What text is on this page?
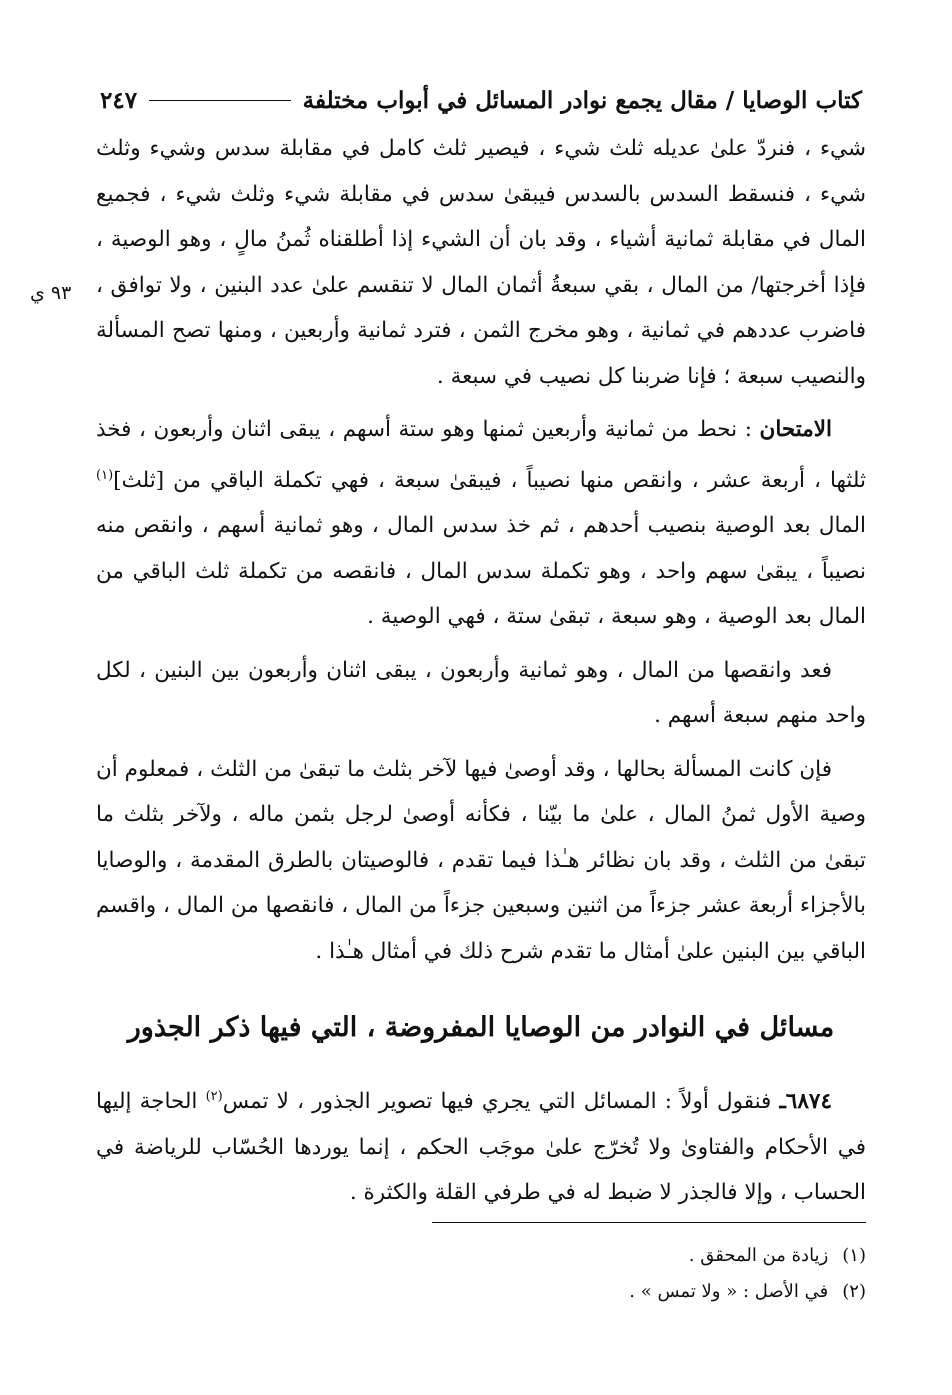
كتاب الوصايا / مقال يجمع نوادر المسائل في أبواب مختلفة
٢٤٧
٩٣ ي

شيء ، فنردّ علىٰ عديله ثلث شيء ، فيصير ثلث كامل في مقابلة سدس وشيء وثلث شيء ، فنسقط السدس بالسدس فيبقىٰ سدس في مقابلة شيء وثلث شيء ، فجميع المال في مقابلة ثمانية أشياء ، وقد بان أن الشيء إذا أطلقناه ثُمنُ مالٍ ، وهو الوصية ، فإذا أخرجتها/ من المال ، بقي سبعةُ أثمان المال لا تنقسم علىٰ عدد البنين ، ولا توافق ، فاضرب عددهم في ثمانية ، وهو مخرج الثمن ، فترد ثمانية وأربعين ، ومنها تصح المسألة والنصيب سبعة ؛ فإنا ضربنا كل نصيب في سبعة .

الامتحان : نحط من ثمانية وأربعين ثمنها وهو ستة أسهم ، يبقى اثنان وأربعون ، فخذ ثلثها ، أربعة عشر ، وانقص منها نصيباً ، فيبقىٰ سبعة ، فهي تكملة الباقي من [ثلث]$^{(١)}$ المال بعد الوصية بنصيب أحدهم ، ثم خذ سدس المال ، وهو ثمانية أسهم ، وانقص منه نصيباً ، يبقىٰ سهم واحد ، وهو تكملة سدس المال ، فانقصه من تكملة ثلث الباقي من المال بعد الوصية ، وهو سبعة ، تبقىٰ ستة ، فهي الوصية .

فعد وانقصها من المال ، وهو ثمانية وأربعون ، يبقى اثنان وأربعون بين البنين ، لكل واحد منهم سبعة أسهم .

فإن كانت المسألة بحالها ، وقد أوصىٰ فيها لآخر بثلث ما تبقىٰ من الثلث ، فمعلوم أن وصية الأول ثمنُ المال ، علىٰ ما بيّنا ، فكأنه أوصىٰ لرجل بثمن ماله ، ولآخر بثلث ما تبقىٰ من الثلث ، وقد بان نظائر هـٰذا فيما تقدم ، فالوصيتان بالطرق المقدمة ، والوصايا بالأجزاء أربعة عشر جزءاً من اثنين وسبعين جزءاً من المال ، فانقصها من المال ، واقسم الباقي بين البنين علىٰ أمثال ما تقدم شرح ذلك في أمثال هـٰذا .

مسائل في النوادر من الوصايا المفروضة ، التي فيها ذكر الجذور

٦٨٧٤ـ فنقول أولاً : المسائل التي يجري فيها تصوير الجذور ، لا تمس$^{(٢)}$ الحاجة إليها في الأحكام والفتاوىٰ ولا تُخرّج علىٰ موجَب الحكم ، إنما يوردها الحُسّاب للرياضة في الحساب ، وإلا فالجذر لا ضبط له في طرفي القلة والكثرة .

(١)
زيادة من المحقق .
(٢)
في الأصل : « ولا تمس » .
